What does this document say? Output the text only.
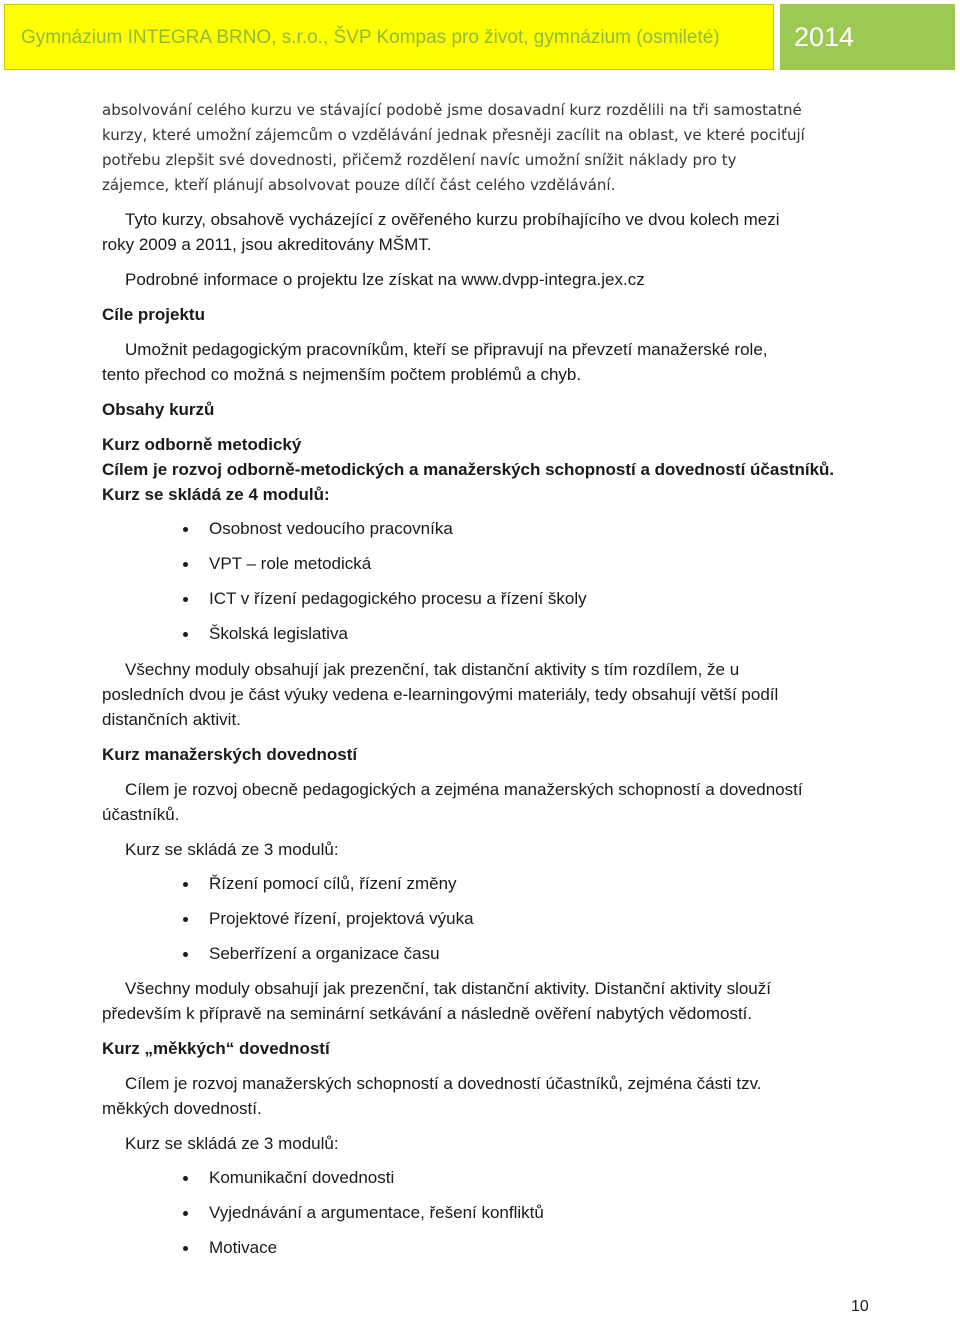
Gymnázium INTEGRA BRNO, s.r.o., ŠVP Kompas pro život, gymnázium (osmileté)	2014

absolvování celého kurzu ve stávající podobě jsme dosavadní kurz rozdělili na tři samostatné

kurzy, které umožní zájemcům o vzdělávání jednak přesněji zacílit na oblast, ve které pociťují

potřebu zlepšit své dovednosti, přičemž rozdělení navíc umožní snížit náklady pro ty

zájemce, kteří plánují absolvovat pouze dílčí část celého vzdělávání.

Tyto kurzy, obsahově vycházející z ověřeného kurzu probíhajícího ve dvou kolech mezi

roky 2009 a 2011, jsou akreditovány MŠMT.

Podrobné informace o projektu lze získat na www.dvpp-integra.jex.cz

Cíle projektu

Umožnit pedagogickým pracovníkům, kteří se připravují na převzetí manažerské role,

tento přechod co možná s nejmenším počtem problémů a chyb.

Obsahy kurzů

Kurz odborně metodický

Cílem je rozvoj odborně-metodických a manažerských schopností a dovedností účastníků.

Kurz se skládá ze 4 modulů:

Osobnost vedoucího pracovníka
VPT – role metodická
ICT v řízení pedagogického procesu a řízení školy
Školská legislativa

Všechny moduly obsahují jak prezenční, tak distanční aktivity s tím rozdílem, že u

posledních dvou je část výuky vedena e-learningovými materiály, tedy obsahují větší podíl

distančních aktivit.

Kurz manažerských dovedností

Cílem je rozvoj obecně pedagogických a zejména manažerských schopností a dovedností

účastníků.

Kurz se skládá ze 3 modulů:

Řízení pomocí cílů, řízení změny
Projektové řízení, projektová výuka
Seberřízení a organizace času

Všechny moduly obsahují jak prezenční, tak distanční aktivity. Distanční aktivity slouží

především k přípravě na seminární setkávání a následně ověření nabytých vědomostí.

Kurz „měkkých“ dovedností

Cílem je rozvoj manažerských schopností a dovedností účastníků, zejména části tzv.

měkkých dovedností.

Kurz se skládá ze 3 modulů:

Komunikační dovednosti
Vyjednávání a argumentace, řešení konfliktů
Motivace
10
